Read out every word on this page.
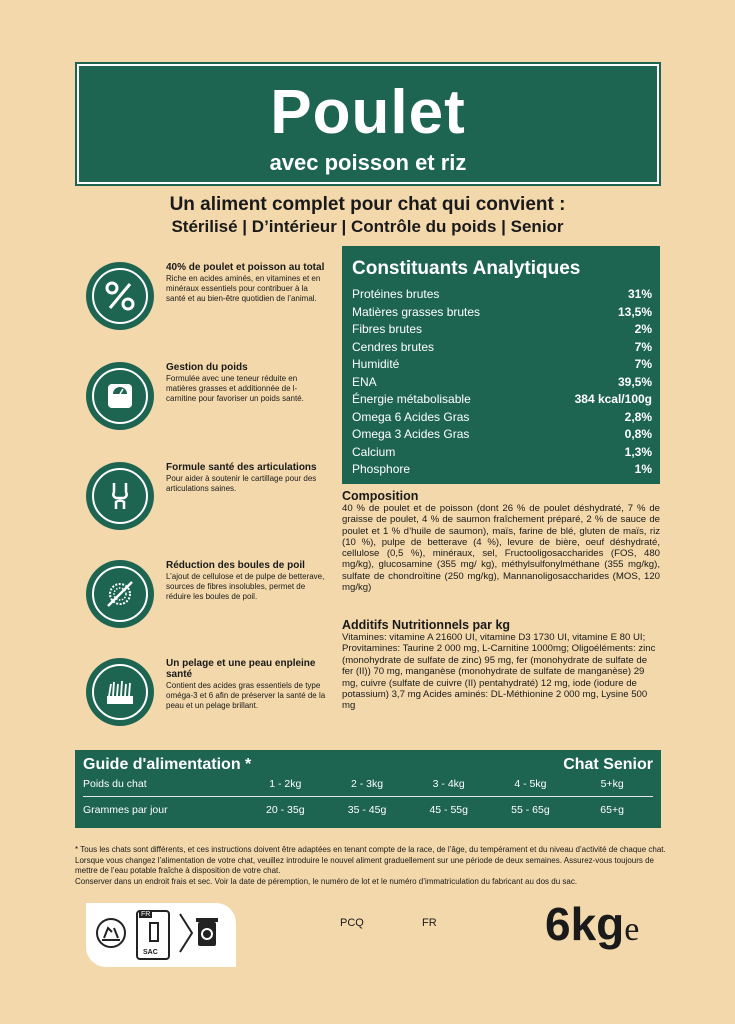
Poulet
avec poisson et riz
Un aliment complet pour chat qui convient :
Stérilisé | D’intérieur | Contrôle du poids | Senior
40% de poulet et poisson au total
Riche en acides aminés, en vitamines et en minéraux essentiels pour contribuer à la santé et au bien-être quotidien de l’animal.
Gestion du poids
Formulée avec une teneur réduite en matières grasses et additionnée de l-carnitine pour favoriser un poids santé.
Formule santé des articulations
Pour aider à soutenir le cartillage pour des articulations saines.
Réduction des boules de poil
L’ajout de cellulose et de pulpe de betterave, sources de fibres insolubles, permet de réduire les boules de poil.
Un pelage et une peau enpleine santé
Contient des acides gras essentiels de type oméga-3 et 6 afin de préserver la santé de la peau et un pelage brillant.
Constituants Analytiques
Protéines brutes	31%
Matières grasses brutes	13,5%
Fibres brutes	2%
Cendres brutes	7%
Humidité	7%
ENA	39,5%
Énergie métabolisable	384 kcal/100g
Omega 6 Acides Gras	2,8%
Omega 3 Acides Gras	0,8%
Calcium	1,3%
Phosphore	1%
Composition

40 % de poulet et de poisson (dont 26 % de poulet déshydraté, 7 % de graisse de poulet, 4 % de saumon fraîchement préparé, 2 % de sauce de poulet et 1 % d’huile de saumon), maïs, farine de blé, gluten de maïs, riz (10 %), pulpe de betterave (4 %), levure de bière, oeuf déshydraté, cellulose (0,5 %), minéraux, sel, Fructooligosaccharides (FOS, 480 mg/kg), glucosamine (355 mg/ kg), méthylsulfonylméthane (355 mg/kg), sulfate de chondroïtine (250 mg/kg), Mannanoligosaccharides (MOS, 120 mg/kg)

Additifs Nutritionnels par kg

Vitamines: vitamine A 21600 UI, vitamine D3 1730 UI, vitamine E 80 UI; Provitamines: Taurine 2 000 mg, L-Carnitine 1000mg; Oligoéléments: zinc (monohydrate de sulfate de zinc) 95 mg, fer (monohydrate de sulfate de fer (II)) 70 mg, manganèse (monohydrate de sulfate de manganèse) 29 mg, cuivre (sulfate de cuivre (II) pentahydraté) 12 mg, iode (iodure de potassium) 3,7 mg Acides aminés: DL-Méthionine 2 000 mg, Lysine 500 mg

Guide d'alimentation *	Chat Senior
Poids du chat	1 - 2kg	2 - 3kg	3 - 4kg	4 - 5kg	5+kg
Grammes par jour	20 - 35g	35 - 45g	45 - 55g	55 - 65g	65+g
* Tous les chats sont différents, et ces instructions doivent être adaptées en tenant compte de la race, de l’âge, du tempérament et du niveau d’activité de chaque chat. Lorsque vous changez l’alimentation de votre chat, veuillez introduire le nouvel aliment graduellement sur une période de deux semaines. Assurez-vous toujours de mettre de l’eau potable fraîche à disposition de votre chat.
Conserver dans un endroit frais et sec. Voir la date de péremption, le numéro de lot et le numéro d’immatriculation du fabricant au dos du sac.
FR
SAC
PCQ	FR 6kge
